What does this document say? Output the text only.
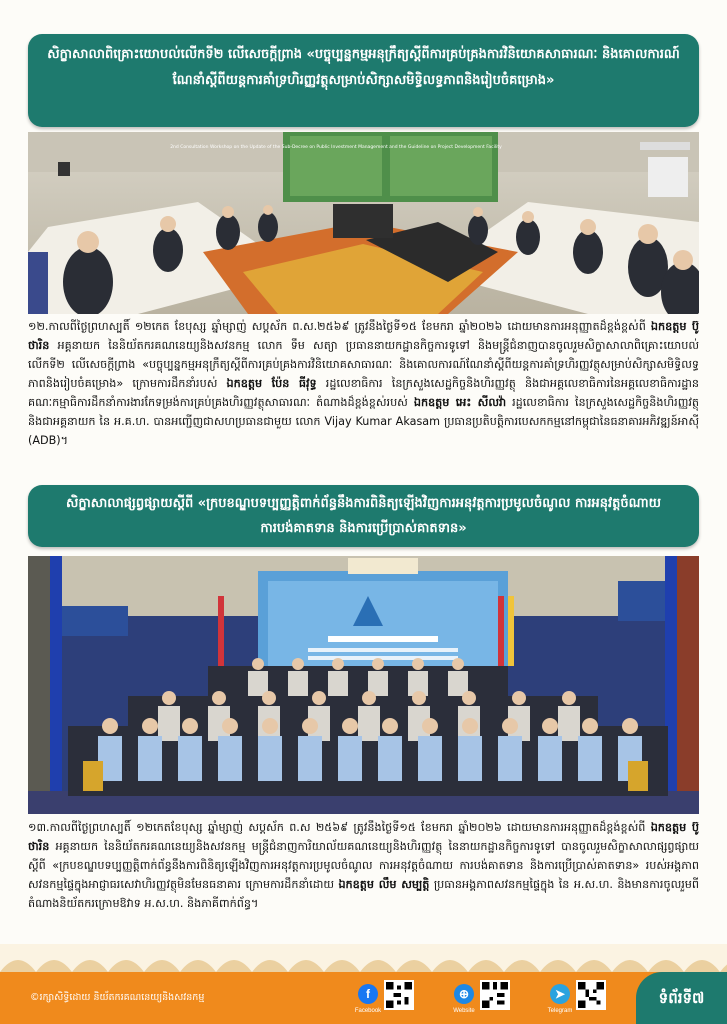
សិក្ខាសាលាពិគ្រោះយោបល់លើកទី២ លើសេចក្តីព្រាង «បច្ចុប្បន្នកម្មអនុក្រឹត្យស្តីពីការគ្រប់គ្រងការវិនិយោគសាធារណៈ និងគោលការណ៍ណែនាំស្តីពីយន្តការគាំទ្រហិរញ្ញវត្ថុសម្រាប់សិក្សាសមិទ្ធិលទ្ធភាពនិងរៀបចំគម្រោង»
2nd Consultation Workshop on the Update of the Sub-Decree on Public Investment Management and the Guideline on Project Development Facility
១២.កាលពីថ្ងៃព្រហស្បតិ៍ ១២កេត ខែបុស្ស ឆ្នាំម្សាញ់ សប្តស័ក ព.ស.២៥៦៩ ត្រូវនឹងថ្ងៃទី១៥ ខែមករា ឆ្នាំ២០២៦ ដោយមានការអនុញ្ញាតដ៏ខ្ពង់ខ្ពស់ពី ឯកឧត្តម ប៊ូ ថារិន អគ្គនាយក នៃនិយ័តករគណនេយ្យនិងសវនកម្ម លោក ទឹម សត្យា ប្រធាននាយកដ្ឋានកិច្ចការទូទៅ និងមន្ត្រីជំនាញបានចូលរួមសិក្ខាសាលាពិគ្រោះយោបល់លើកទី២ លើសេចក្តីព្រាង «បច្ចុប្បន្នកម្មអនុក្រឹត្យស្តីពីការគ្រប់គ្រងការវិនិយោគសាធារណៈ និងគោលការណ៍ណែនាំស្តីពីយន្តការគាំទ្រហិរញ្ញវត្ថុសម្រាប់សិក្សាសមិទ្ធិលទ្ធភាពនិងរៀបចំគម្រោង» ក្រោមការដឹកនាំរបស់ ឯកឧត្តម ប៉ែន ធីវុទ្ធ រដ្ឋលេខាធិការ នៃក្រសួងសេដ្ឋកិច្ចនិងហិរញ្ញវត្ថុ និងជាអគ្គលេខាធិការនៃអគ្គលេខាធិការដ្ឋានគណៈកម្មាធិការដឹកនាំការងារកែទម្រង់ការគ្រប់គ្រងហិរញ្ញវត្ថុសាធារណៈ តំណាងដ៏ខ្ពង់ខ្ពស់របស់ ឯកឧត្តម អេះ សីលវ៉ា រដ្ឋលេខាធិការ នៃក្រសួងសេដ្ឋកិច្ចនិងហិរញ្ញវត្ថុ និងជាអគ្គនាយក នៃ អ.គ.ហ. បានអញ្ជើញជាសហប្រធានជាមួយ លោក Vijay Kumar Akasam ប្រធានប្រតិបត្តិការបេសកកម្មនៅកម្ពុជានៃធនាគារអភិវឌ្ឍន៍អាស៊ី (ADB)។
សិក្ខាសាលាផ្សព្វផ្សាយស្តីពី «ក្របខណ្ឌបទប្បញ្ញត្តិពាក់ព័ន្ធនឹងការពិនិត្យឡើងវិញការអនុវត្តការប្រមូលចំណូល ការអនុវត្តចំណាយ ការបង់គាតទាន និងការប្រើប្រាស់គាតទាន»
១៣.កាលពីថ្ងៃព្រហស្បតិ៍ ១២កេតខែបុស្ស ឆ្នាំម្សាញ់ សប្តស័ក ព.ស ២៥៦៩ ត្រូវនឹងថ្ងៃទី១៥ ខែមករា ឆ្នាំ២០២៦ ដោយមានការអនុញ្ញាតដ៏ខ្ពង់ខ្ពស់ពី ឯកឧត្តម ប៊ូ ថារិន អគ្គនាយក នៃនិយ័តករគណនេយ្យនិងសវនកម្ម មន្ត្រីជំនាញការិយាល័យគណនេយ្យនិងហិរញ្ញវត្ថុ នៃនាយកដ្ឋានកិច្ចការទូទៅ បានចូលរួមសិក្ខាសាលាផ្សព្វផ្សាយស្តីពី «ក្របខណ្ឌបទប្បញ្ញត្តិពាក់ព័ន្ធនឹងការពិនិត្យឡើងវិញការអនុវត្តការប្រមូលចំណូល ការអនុវត្តចំណាយ ការបង់គាតទាន និងការប្រើប្រាស់គាតទាន» របស់អង្គភាពសវនកម្មផ្ទៃក្នុងអាជ្ញាធរសេវាហិរញ្ញវត្ថុមិនមែនធនាគារ ក្រោមការដឹកនាំដោយ ឯកឧត្តម លឹម សម្បត្តិ ប្រធានអង្គភាពសវនកម្មផ្ទៃក្នុង នៃ អ.ស.ហ. និងមានការចូលរួមពីតំណាងនិយ័តករក្រោមឱវាទ អ.ស.ហ. និងភាគីពាក់ព័ន្ធ។
©រក្សាសិទ្ធិដោយ និយ័តករគណនេយ្យនិងសវនកម្ម	f
Facebook
⊕
Website
➤
Telegram
ទំព័រទី៧
